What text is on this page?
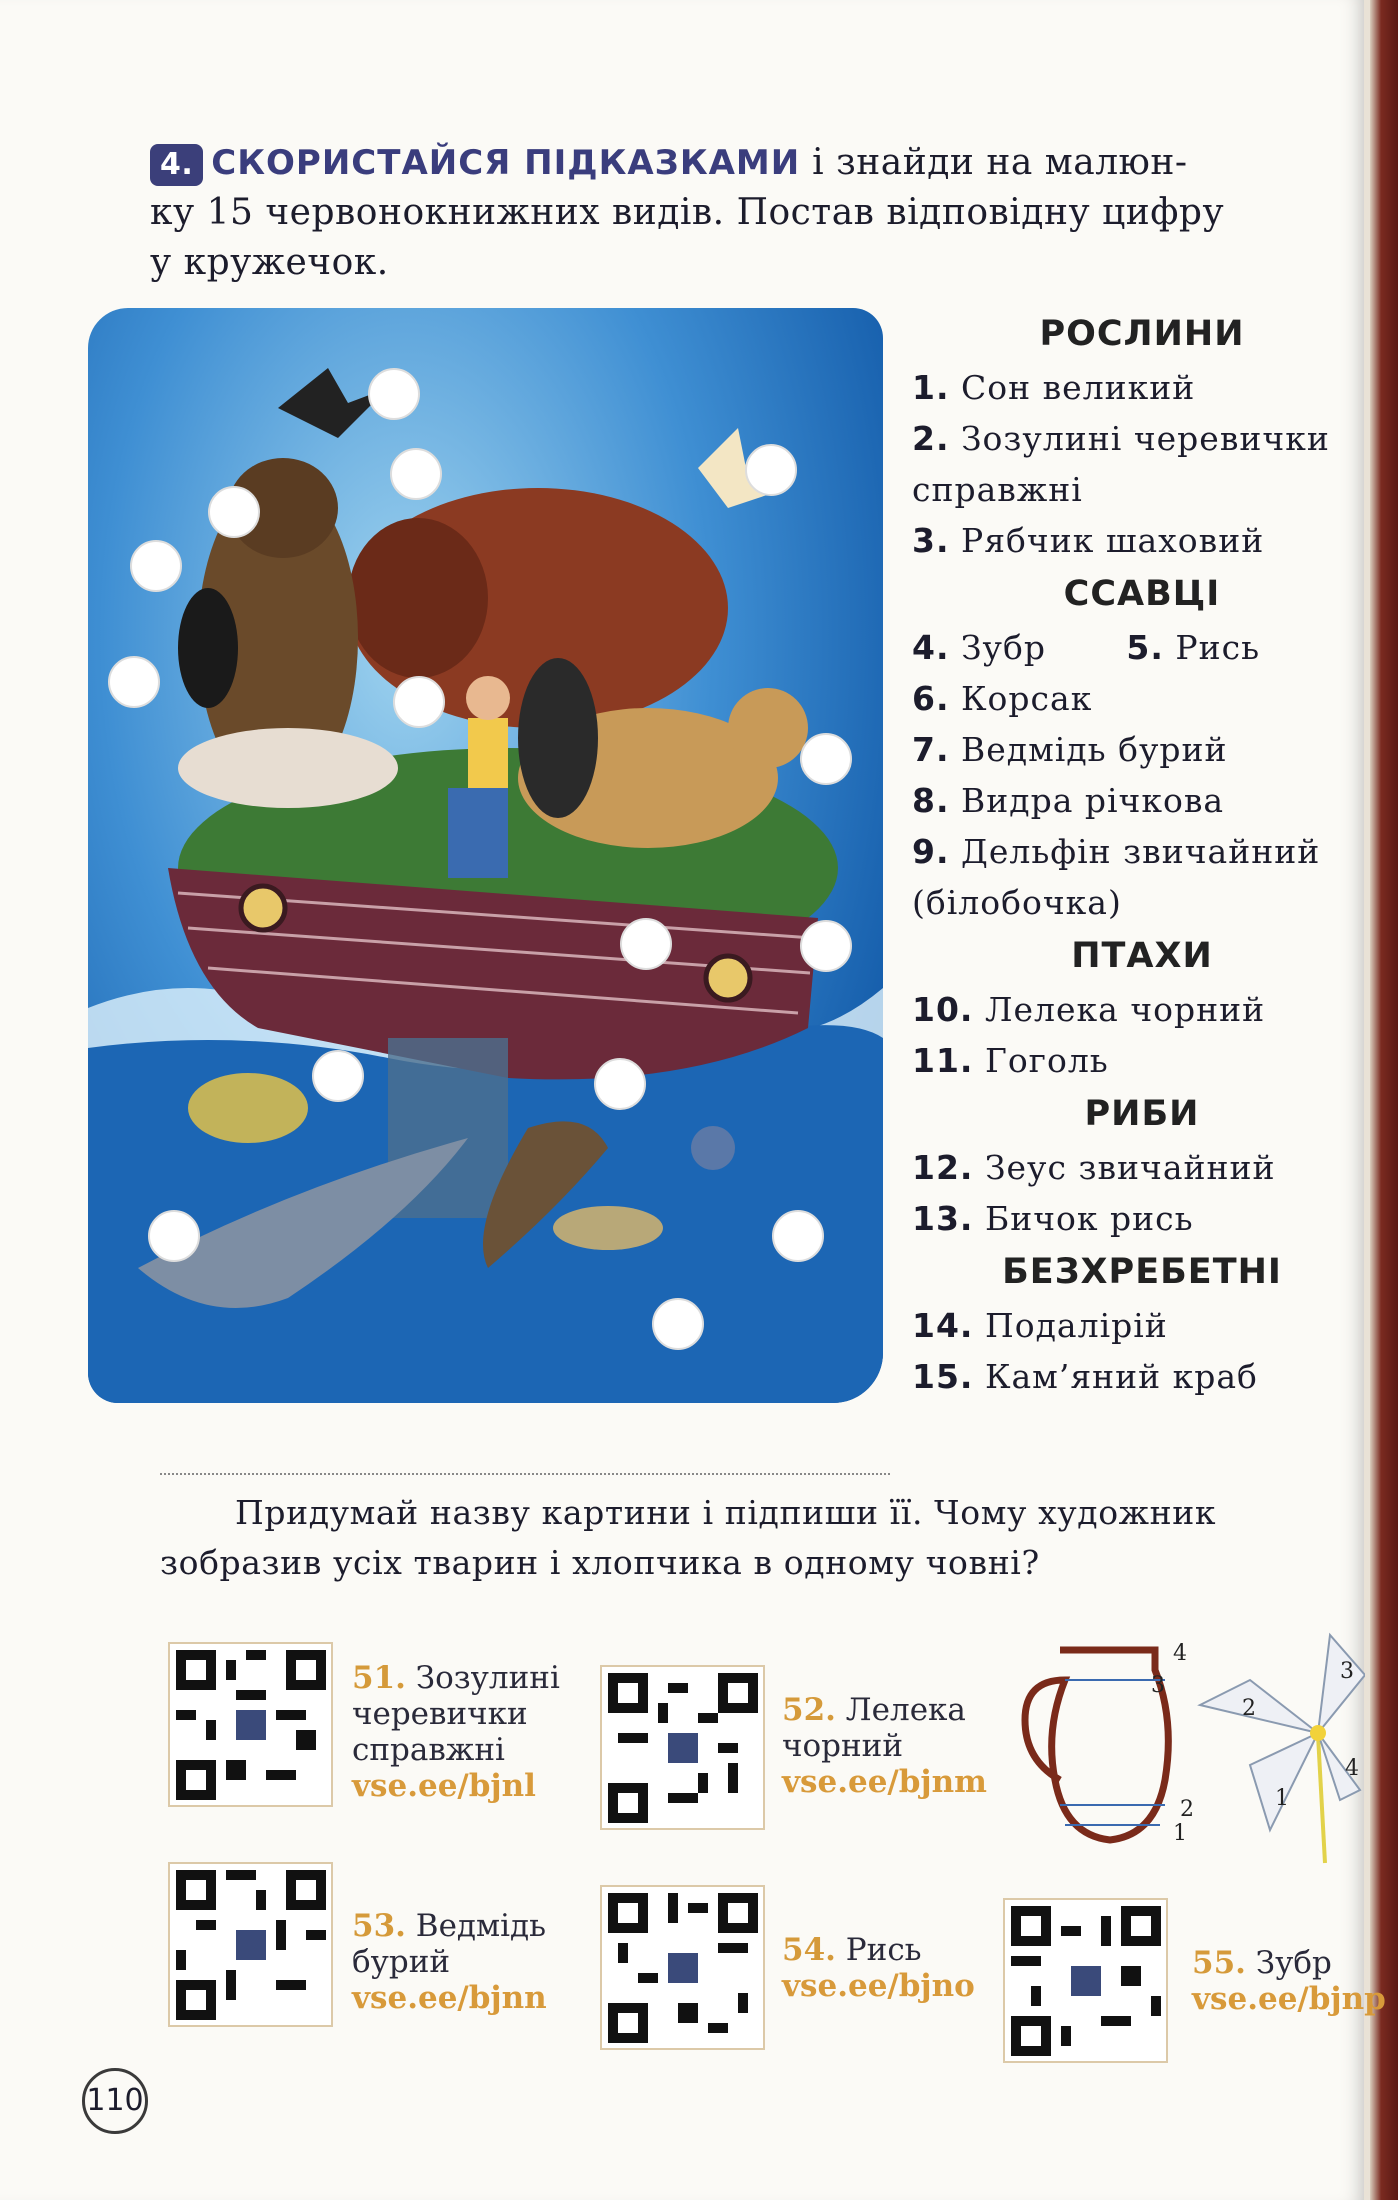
4. СКОРИСТАЙСЯ ПІДКАЗКАМИ і знайди на малюн-
ку 15 червонокнижних видів. Постав відповідну цифру
у кружечок.
РОСЛИНИ
1. Сон великий
2. Зозулині черевички
справжні
3. Рябчик шаховий
ССАВЦІ
4. Зубр 5. Рись
6. Корсак
7. Ведмідь бурий
8. Видра річкова
9. Дельфін звичайний
(білобочка)
ПТАХИ
10. Лелека чорний
11. Гоголь
РИБИ
12. Зеус звичайний
13. Бичок рись
БЕЗХРЕБЕТНІ
14. Подалірій
15. Кам’яний краб
Придумай назву картини і підпиши її. Чому художник зобразив усіх тварин і хлопчика в одному човні?
51. Зозулині
черевички
справжні
vse.ee/bjnl
52. Лелека
чорний
vse.ee/bjnm
53. Ведмідь
бурий
vse.ee/bjnn
54. Рись
vse.ee/bjno
55. Зубр
vse.ee/bjnp
4
3
2
1
3
2
4
1
110
